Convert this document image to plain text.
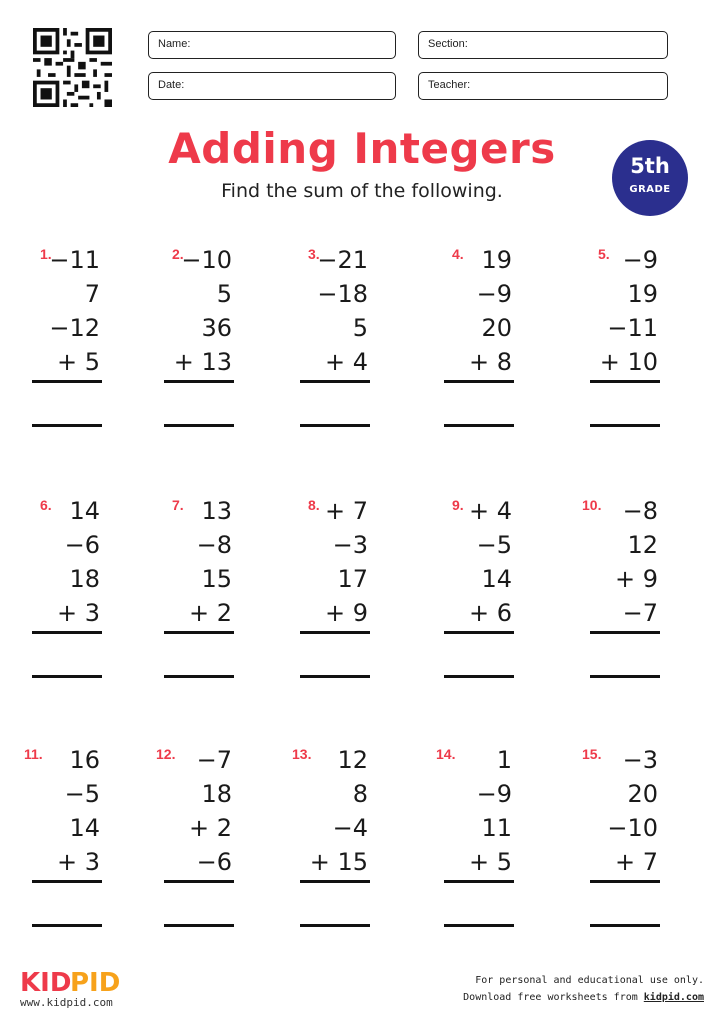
Name:	Section:
Date:	Teacher:
Adding Integers
Find the sum of the following.
5th
GRADE
1.
−11
7
−12
+ 5
2.
−10
5
36
+ 13
3.
−21
−18
5
+ 4
4. 19
−9
20
+ 8
5. −9
19
−11
+ 10
6. 14
−6
18
+ 3
7. 13
−8
15
+ 2
8. + 7
−3
17
+ 9
9. + 4
−5
14
+ 6
10. −8
12
+ 9
−7
11.	16
−5
14
+ 3
12. −7
18
+ 2
−6
13.	12
8
−4
+ 15
14.	1
−9
11
+ 5
15. −3
20
−10
+ 7
KID
PID
www.kidpid.com
For personal and educational use only.
Download free worksheets from kidpid.com
